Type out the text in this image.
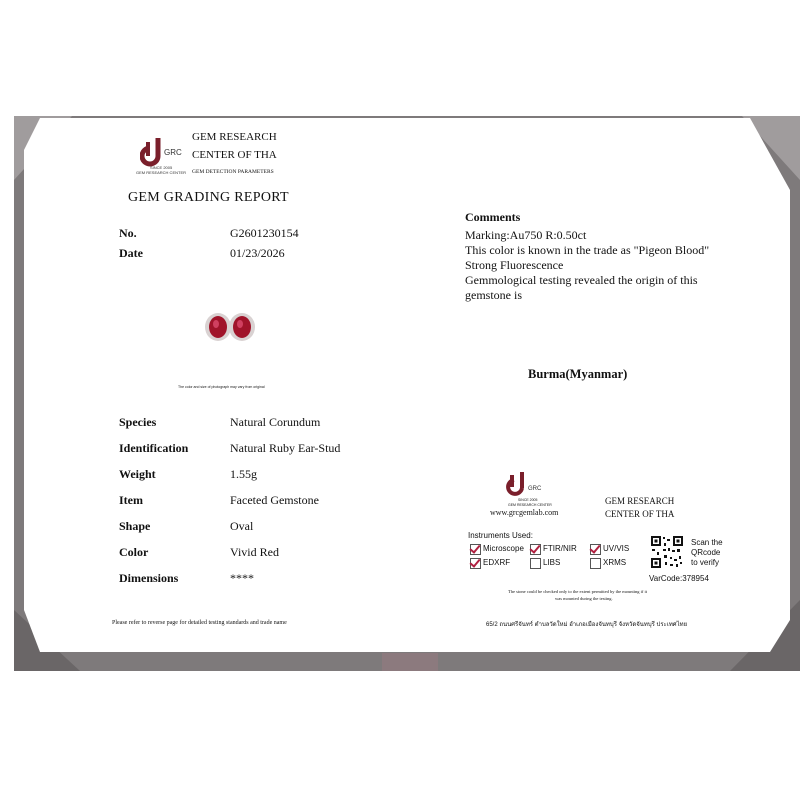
GRC
SINCE 2005
GEM RESEARCH CENTER
GEM RESEARCH
CENTER OF THA
GEM DETECTION PARAMETERS
GEM GRADING REPORT
No.	G2601230154
Date	01/23/2026
The color and size of photograph may vary from original
Species	Natural Corundum
Identification	Natural Ruby Ear-Stud
Weight	1.55g
Item	Faceted Gemstone
Shape	Oval
Color	Vivid Red
Dimensions	****
Please refer to reverse page for detailed testing standards and trade name
Comments
Marking:Au750 R:0.50ct
This color is known in the trade as "Pigeon Blood"
Strong Fluorescence
Gemmological testing revealed the origin of this
gemstone is
Burma(Myanmar)
GRC
SINCE 2005
GEM RESEARCH CENTER
www.grcgemlab.com
GEM RESEARCH
CENTER OF THA
Instruments Used:
Microscope FTIR/NIR	UV/VIS
EDXRF	LIBS	XRMS
Scan the
QRcode
to verify
VarCode:378954
The stone could be checked only to the extent permitted by the mounting if it
was mounted during the testing.
65/2 ถนนศรีจันทร์ ตำบลวัดใหม่ อำเภอเมืองจันทบุรี จังหวัดจันทบุรี ประเทศไทย
